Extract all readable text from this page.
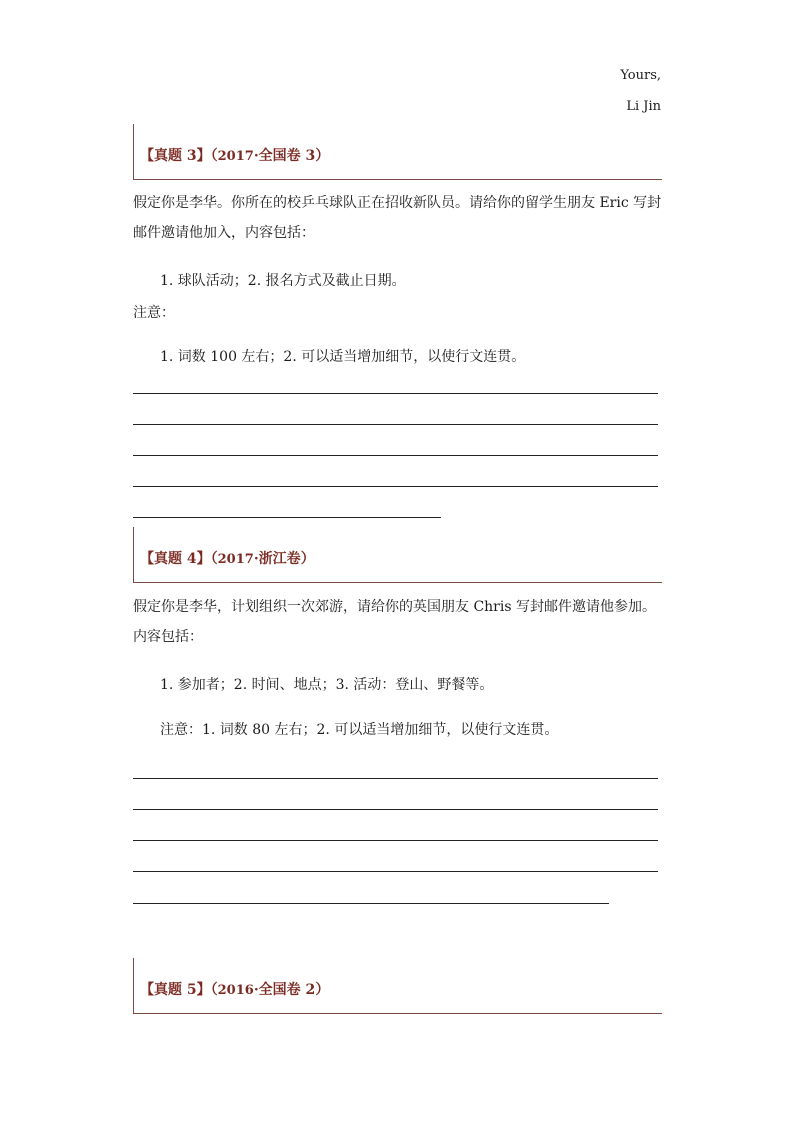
Yours,
Li Jin
【真题 3】（2017·全国卷 3）
假定你是李华。你所在的校乒乓球队正在招收新队员。请给你的留学生朋友 Eric 写封邮件邀请他加入，内容包括：
1. 球队活动；2. 报名方式及截止日期。
注意：
1. 词数 100 左右；2. 可以适当增加细节，以使行文连贯。
【真题 4】（2017·浙江卷）
假定你是李华，计划组织一次郊游，请给你的英国朋友 Chris 写封邮件邀请他参加。内容包括：
1. 参加者；2. 时间、地点；3. 活动：登山、野餐等。
注意：1. 词数 80 左右；2. 可以适当增加细节，以使行文连贯。
【真题 5】（2016·全国卷 2）
